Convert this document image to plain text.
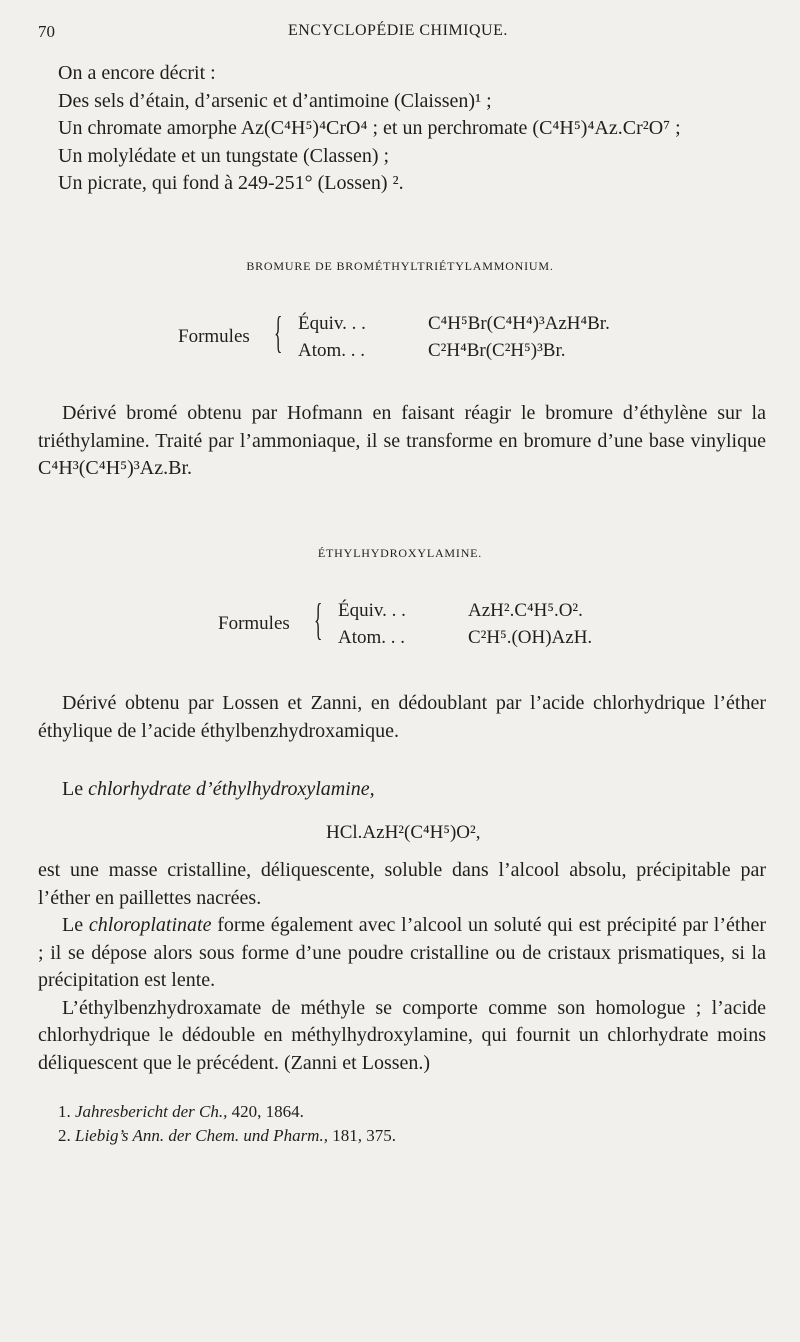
70	ENCYCLOPÉDIE CHIMIQUE.

On a encore décrit :

Des sels d’étain, d’arsenic et d’antimoine (Claissen)¹ ;

Un chromate amorphe Az(C⁴H⁵)⁴CrO⁴ ; et un perchromate (C⁴H⁵)⁴Az.Cr²O⁷ ;

Un molylédate et un tungstate (Classen) ;

Un picrate, qui fond à 249-251° (Lossen) ².

BROMURE DE BROMÉTHYLTRIÉTYLAMMONIUM.
Formules { Équiv. . .
Atom. . .
C⁴H⁵Br(C⁴H⁴)³AzH⁴Br.
C²H⁴Br(C²H⁵)³Br.

Dérivé bromé obtenu par Hofmann en faisant réagir le bromure d’éthylène sur la triéthylamine. Traité par l’ammoniaque, il se transforme en bromure d’une base vinylique C⁴H³(C⁴H⁵)³Az.Br.

ÉTHYLHYDROXYLAMINE.
Formules { Équiv. . .
Atom. . .
AzH².C⁴H⁵.O².
C²H⁵.(OH)AzH.

Dérivé obtenu par Lossen et Zanni, en dédoublant par l’acide chlorhydrique l’éther éthylique de l’acide éthylbenzhydroxamique.

Le chlorhydrate d’éthylhydroxylamine,

HCl.AzH²(C⁴H⁵)O²,

est une masse cristalline, déliquescente, soluble dans l’alcool absolu, précipitable par l’éther en paillettes nacrées.

Le chloroplatinate forme également avec l’alcool un soluté qui est précipité par l’éther ; il se dépose alors sous forme d’une poudre cristalline ou de cristaux prismatiques, si la précipitation est lente.

L’éthylbenzhydroxamate de méthyle se comporte comme son homologue ; l’acide chlorhydrique le dédouble en méthylhydroxylamine, qui fournit un chlorhydrate moins déliquescent que le précédent. (Zanni et Lossen.)

1. Jahresbericht der Ch., 420, 1864.

2. Liebig’s Ann. der Chem. und Pharm., 181, 375.
